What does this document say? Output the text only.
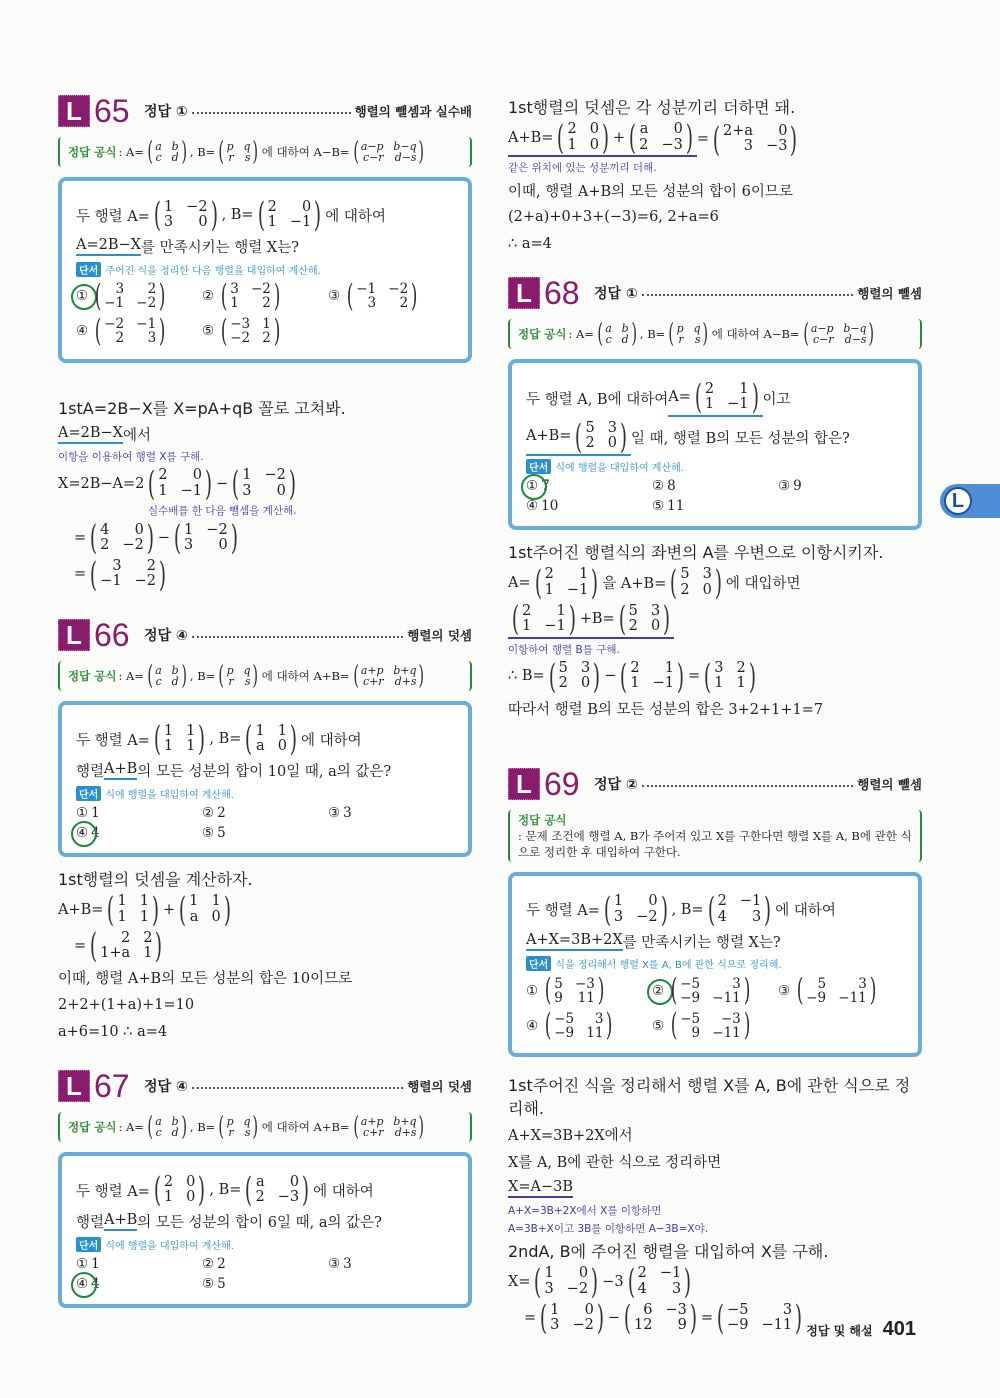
L 65	정답 ①	행렬의 뺄셈과 실수배
정답 공식 : A= ( a b
c d ) , B= ( p q
r s ) 에 대하여 A−B= ( a−p b−q
c−r d−s )
두 행렬 A= ( 1 −2
3	0 ) , B= ( 2	0
1 −1 ) 에 대하여
A=2B−X 를 만족시키는 행렬 X는?
단서 주어진 식을 정리한 다음 행렬을 대입하여 계산해.
① (	3	2
−1 −2 )	② ( 3 −2
1	2 )	③ ( −1 −2
3	2 )
④ ( −2 −1
2	3 )	⑤ ( −3 1
−2 2 )
1stA=2B−X를 X=pA+qB 꼴로 고쳐봐.
A=2B−X 에서
이항을 이용하여 행렬 X를 구해.
X=2B−A=2 ( 2	0
1 −1 ) − ( 1 −2
3	0 )
실수배를 한 다음 뺄셈을 계산해.
= ( 4	0
2 −2 ) − ( 1 −2
3	0 )
= (	3	2
−1 −2 )
L 66	정답 ④	행렬의 덧셈
정답 공식 : A= ( a b
c d ) , B= ( p q
r s ) 에 대하여 A+B= ( a+p b+q
c+r d+s )
두 행렬 A= ( 1 1
1 1 ) , B= ( 1 1
a 0 ) 에 대하여
행렬 A+B 의 모든 성분의 합이 10일 때, a의 값은?
단서 식에 행렬을 대입하여 계산해.
① 1	② 2	③ 3
④ 4	⑤ 5
1st행렬의 덧셈을 계산하자.
A+B= ( 1 1
1 1 ) + ( 1 1
a 0 )
= (	2 2
1+a 1 )
이때, 행렬 A+B의 모든 성분의 합은 10이므로
2+2+(1+a)+1=10
a+6=10 ∴ a=4
L 67	정답 ④	행렬의 덧셈
정답 공식 : A= ( a b
c d ) , B= ( p q
r s ) 에 대하여 A+B= ( a+p b+q
c+r d+s )
두 행렬 A= ( 2 0
1 0 ) , B= ( a	0
2 −3 ) 에 대하여
행렬 A+B 의 모든 성분의 합이 6일 때, a의 값은?
단서 식에 행렬을 대입하여 계산해.
① 1	② 2	③ 3
④ 4	⑤ 5
1st행렬의 덧셈은 각 성분끼리 더하면 돼.
A+B= ( 2 0
1 0 ) + ( a	0
2 −3 ) = ( 2+a	0
3 −3 )
같은 위치에 있는 성분끼리 더해.
이때, 행렬 A+B의 모든 성분의 합이 6이므로
(2+a)+0+3+(−3)=6, 2+a=6
∴ a=4
L 68	정답 ①	행렬의 뺄셈
정답 공식 : A= ( a b
c d ) , B= ( p q
r s ) 에 대하여 A−B= ( a−p b−q
c−r d−s )
두 행렬 A, B에 대하여 A= ( 2	1
1 −1 ) 이고
A+B= ( 5 3
2 0 ) 일 때, 행렬 B의 모든 성분의 합은?
단서 식에 행렬을 대입하여 계산해.
① 7	② 8	③ 9
④ 10	⑤ 11
1st주어진 행렬식의 좌변의 A를 우변으로 이항시키자.
A= ( 2	1
1 −1 ) 을 A+B= ( 5 3
2 0 ) 에 대입하면
( 2	1
1 −1 ) +B= ( 5 3
2 0 )
이항하여 행렬 B를 구해.
∴ B= ( 5 3
2 0 ) − ( 2	1
1 −1 ) = ( 3 2
1 1 )
따라서 행렬 B의 모든 성분의 합은 3+2+1+1=7
L 69	정답 ②	행렬의 뺄셈
정답 공식
: 문제 조건에 행렬 A, B가 주어져 있고 X를 구한다면 행렬 X를 A, B에 관한 식으로 정리한 후 대입하여 구한다.
두 행렬 A= ( 1	0
3 −2 ) , B= ( 2 −1
4	3 ) 에 대하여
A+X=3B+2X 를 만족시키는 행렬 X는?
단서 식을 정리해서 행렬 X를 A, B에 관한 식으로 정리해.
① ( 5 −3
9 11 )	② ( −5	3
−9 −11 ) ③ (	5	3
−9 −11 )
④ ( −5	3
−9 11 )	⑤ ( −5	−3
9 −11 )
1st주어진 식을 정리해서 행렬 X를 A, B에 관한 식으로 정리해.
A+X=3B+2X에서
X를 A, B에 관한 식으로 정리하면
X=A−3B
A+X=3B+2X에서 X를 이항하면
A=3B+X이고 3B를 이항하면 A−3B=X야.
2ndA, B에 주어진 행렬을 대입하여 X를 구해.
X= ( 1	0
3 −2 ) −3 ( 2 −1
4	3 )
= ( 1	0
3 −2 ) − ( 6 −3
12	9 ) = ( −5	3
−9 −11 )
L
정답 및 해설 401
